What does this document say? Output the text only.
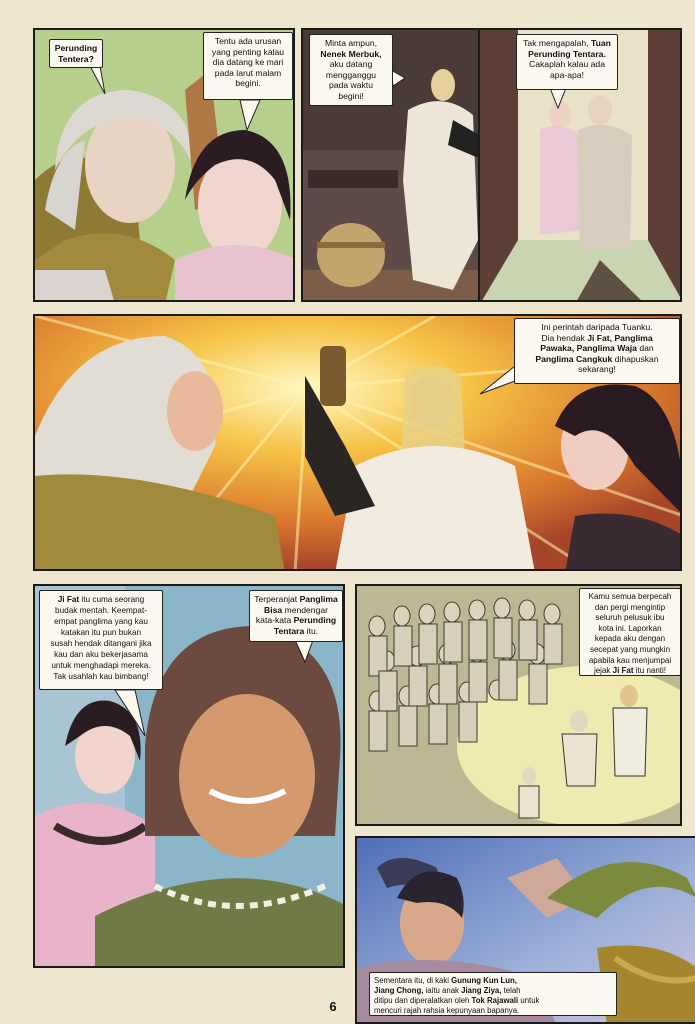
Perunding
Tentera?
Tentu ada urusan
yang penting kalau
dia datang ke mari
pada larut malam
begini.
Minta ampun,
Nenek Merbuk,
aku datang
mengganggu
pada waktu
begini!
Tak mengapalah, Tuan
Perunding Tentara.
Cakaplah kalau ada
apa-apa!
Ini perintah daripada Tuanku.
Dia hendak Ji Fat, Panglima
Pawaka, Panglima Waja dan
Panglima Cangkuk dihapuskan
sekarang!
Ji Fat itu cuma seorang
budak mentah. Keempat-
empat panglima yang kau
katakan itu pun bukan
susah hendak ditangani jika
kau dan aku bekerjasama
untuk menghadapi mereka.
Tak usahlah kau bimbang!
Terperanjat Panglima
Bisa mendengar
kata-kata Perunding
Tentara itu.
Kamu semua berpecah
dan pergi mengintip
seluruh pelusuk ibu
kota ini. Laporkan
kepada aku dengan
secepat yang mungkin
apabila kau menjumpai
jejak Ji Fat itu nanti!
Sementara itu, di kaki Gunung Kun Lun,
Jiang Chong, iaitu anak Jiang Ziya, telah
ditipu dan diperalatkan oleh Tok Rajawali untuk
mencuri rajah rahsia kepunyaan bapanya.
6
